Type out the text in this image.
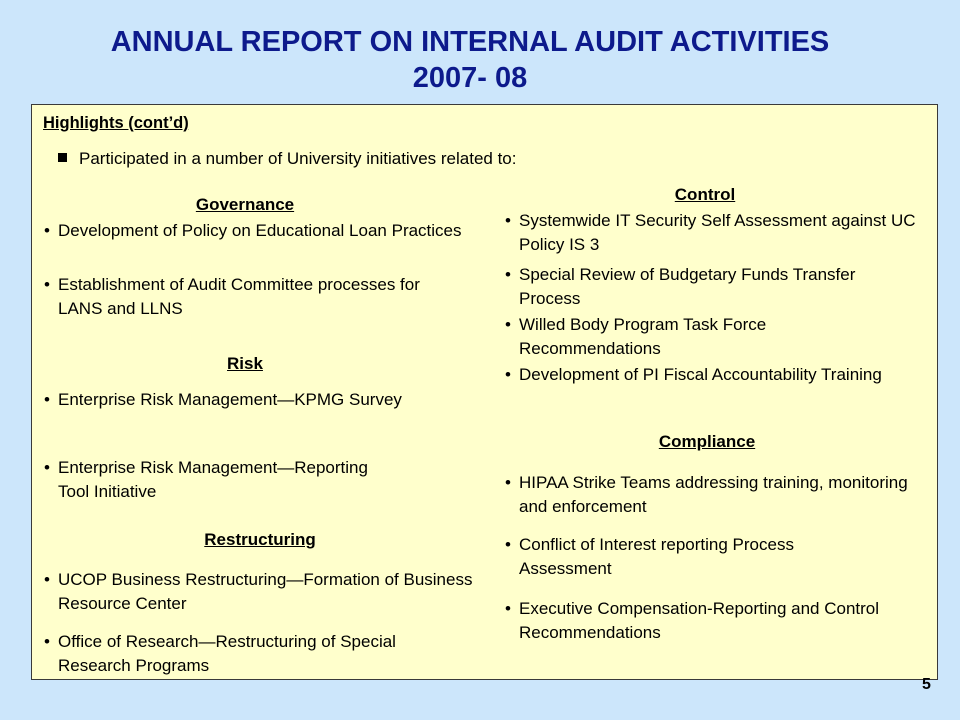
ANNUAL REPORT ON INTERNAL AUDIT ACTIVITIES
2007- 08

Highlights (cont’d)

Participated in a number of University initiatives related to:

Governance

• Development of Policy on Educational Loan Practices

• Establishment of Audit Committee processes for LANS and LLNS

Risk

• Enterprise Risk Management—KPMG Survey

• Enterprise Risk Management—Reporting Tool Initiative

Restructuring

• UCOP Business Restructuring—Formation of Business Resource Center

• Office of Research—Restructuring of Special Research Programs

Control

• Systemwide IT Security Self Assessment against UC Policy IS 3

• Special Review of Budgetary Funds Transfer Process

• Willed Body Program Task Force Recommendations

• Development of PI Fiscal Accountability Training

Compliance

• HIPAA Strike Teams addressing training, monitoring and enforcement

• Conflict of Interest reporting Process Assessment

• Executive Compensation-Reporting and Control Recommendations

5
